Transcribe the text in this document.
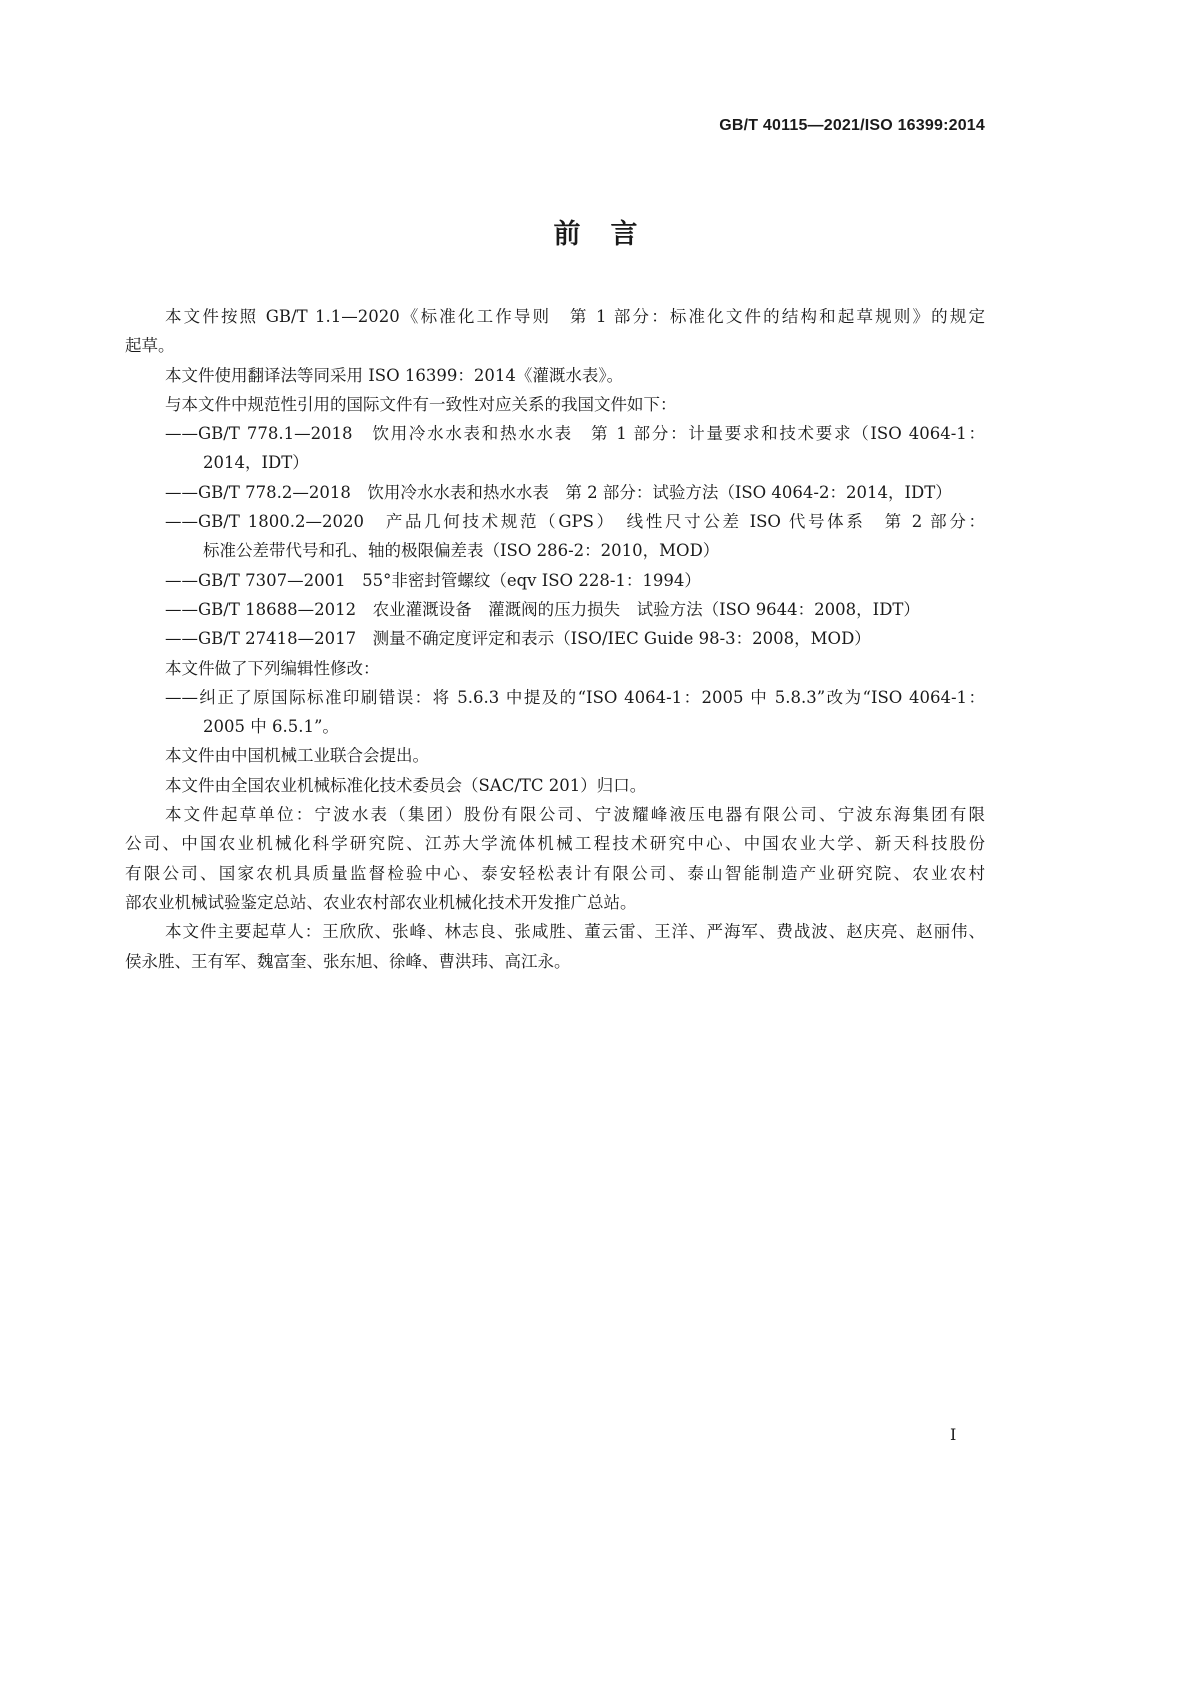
GB/T 40115—2021/ISO 16399:2014
前言
本文件按照 GB/T 1.1—2020《标准化工作导则　第 1 部分：标准化文件的结构和起草规则》的规定
起草。
本文件使用翻译法等同采用 ISO 16399：2014《灌溉水表》。
与本文件中规范性引用的国际文件有一致性对应关系的我国文件如下：
——GB/T 778.1—2018　饮用冷水水表和热水水表　第 1 部分：计量要求和技术要求（ISO 4064-1：
2014，IDT）
——GB/T 778.2—2018　饮用冷水水表和热水水表　第 2 部分：试验方法（ISO 4064-2：2014，IDT）
——GB/T 1800.2—2020　产品几何技术规范（GPS）　线性尺寸公差 ISO 代号体系　第 2 部分：
标准公差带代号和孔、轴的极限偏差表（ISO 286-2：2010，MOD）
——GB/T 7307—2001　55°非密封管螺纹（eqv ISO 228-1：1994）
——GB/T 18688—2012　农业灌溉设备　灌溉阀的压力损失　试验方法（ISO 9644：2008，IDT）
——GB/T 27418—2017　测量不确定度评定和表示（ISO/IEC Guide 98-3：2008，MOD）
本文件做了下列编辑性修改：
——纠正了原国际标准印刷错误：将 5.6.3 中提及的“ISO 4064-1：2005 中 5.8.3”改为“ISO 4064-1：
2005 中 6.5.1”。
本文件由中国机械工业联合会提出。
本文件由全国农业机械标准化技术委员会（SAC/TC 201）归口。
本文件起草单位：宁波水表（集团）股份有限公司、宁波耀峰液压电器有限公司、宁波东海集团有限
公司、中国农业机械化科学研究院、江苏大学流体机械工程技术研究中心、中国农业大学、新天科技股份
有限公司、国家农机具质量监督检验中心、泰安轻松表计有限公司、泰山智能制造产业研究院、农业农村
部农业机械试验鉴定总站、农业农村部农业机械化技术开发推广总站。
本文件主要起草人：王欣欣、张峰、林志良、张咸胜、董云雷、王洋、严海军、费战波、赵庆亮、赵丽伟、
侯永胜、王有军、魏富奎、张东旭、徐峰、曹洪玮、高江永。
I
